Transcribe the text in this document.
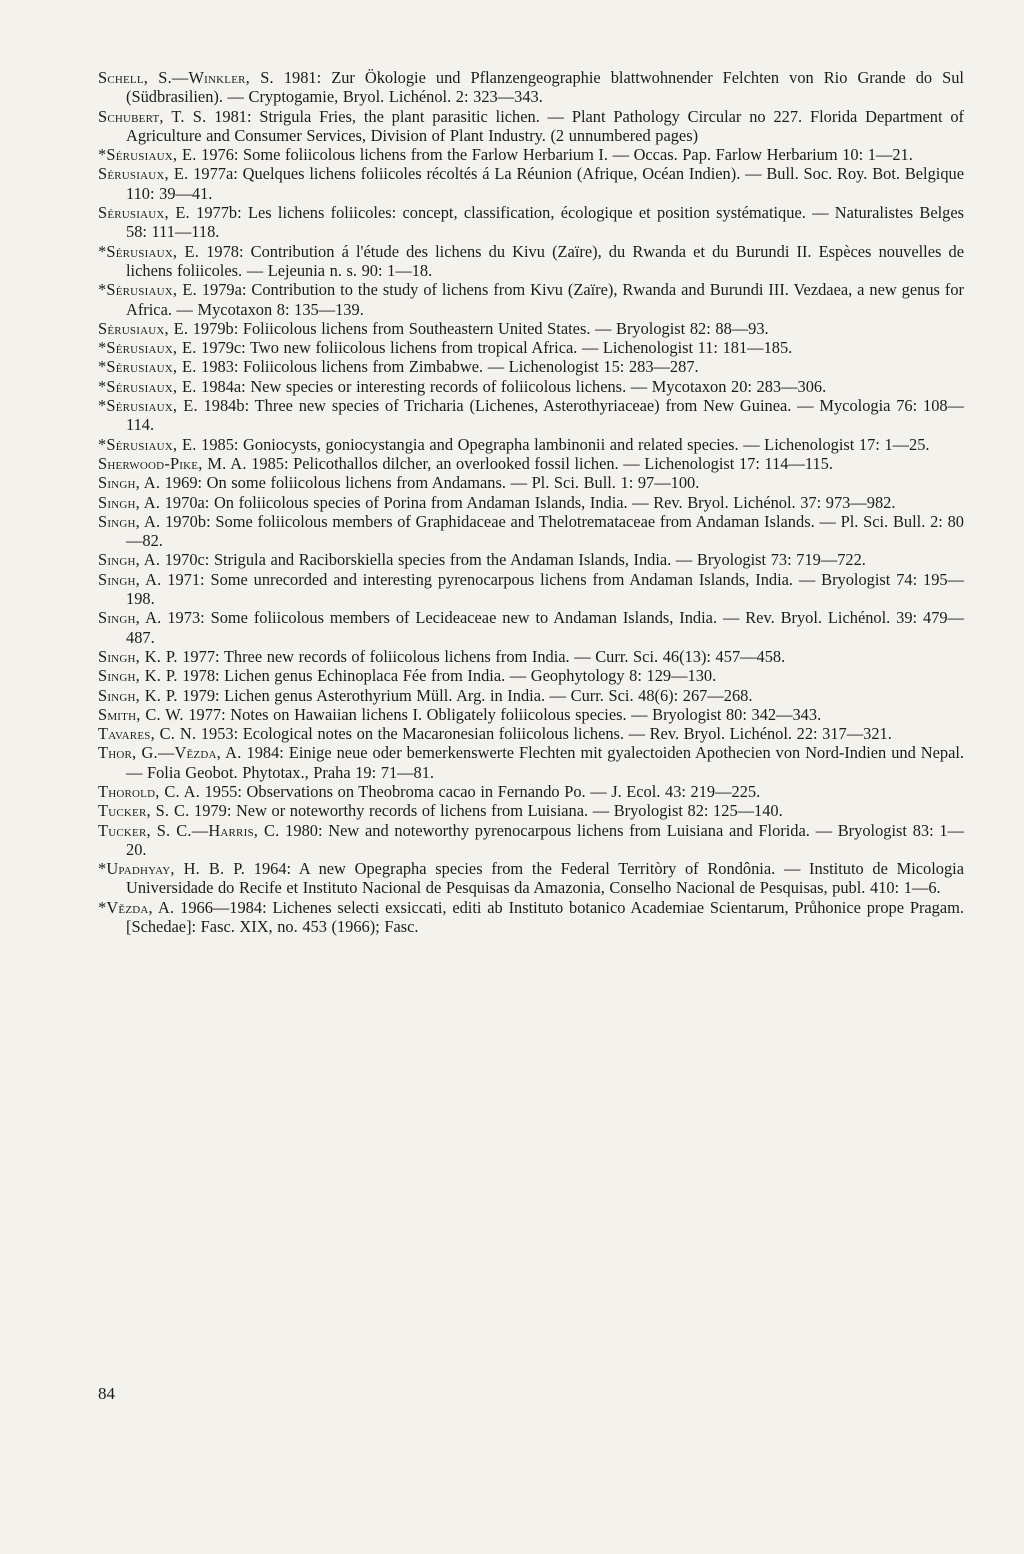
Schell, S.—Winkler, S. 1981: Zur Ökologie und Pflanzengeographie blattwohnender Felchten von Rio Grande do Sul (Südbrasilien). — Cryptogamie, Bryol. Lichénol. 2: 323—343.

Schubert, T. S. 1981: Strigula Fries, the plant parasitic lichen. — Plant Pathology Circular no 227. Florida Department of Agriculture and Consumer Services, Division of Plant Industry. (2 unnumbered pages)

*Sérusiaux, E. 1976: Some foliicolous lichens from the Farlow Herbarium I. — Occas. Pap. Farlow Herbarium 10: 1—21.

Sérusiaux, E. 1977a: Quelques lichens foliicoles récoltés á La Réunion (Afrique, Océan Indien). — Bull. Soc. Roy. Bot. Belgique 110: 39—41.

Sérusiaux, E. 1977b: Les lichens foliicoles: concept, classification, écologique et position systématique. — Naturalistes Belges 58: 111—118.

*Sérusiaux, E. 1978: Contribution á l'étude des lichens du Kivu (Zaïre), du Rwanda et du Burundi II. Espèces nouvelles de lichens foliicoles. — Lejeunia n. s. 90: 1—18.

*Sérusiaux, E. 1979a: Contribution to the study of lichens from Kivu (Zaïre), Rwanda and Burundi III. Vezdaea, a new genus for Africa. — Mycotaxon 8: 135—139.

Sérusiaux, E. 1979b: Foliicolous lichens from Southeastern United States. — Bryologist 82: 88—93.

*Sérusiaux, E. 1979c: Two new foliicolous lichens from tropical Africa. — Lichenologist 11: 181—185.

*Sérusiaux, E. 1983: Foliicolous lichens from Zimbabwe. — Lichenologist 15: 283—287.

*Sérusiaux, E. 1984a: New species or interesting records of foliicolous lichens. — Mycotaxon 20: 283—306.

*Sérusiaux, E. 1984b: Three new species of Tricharia (Lichenes, Asterothyriaceae) from New Guinea. — Mycologia 76: 108—114.

*Sérusiaux, E. 1985: Goniocysts, goniocystangia and Opegrapha lambinonii and related species. — Lichenologist 17: 1—25.

Sherwood-Pike, M. A. 1985: Pelicothallos dilcher, an overlooked fossil lichen. — Lichenologist 17: 114—115.

Singh, A. 1969: On some foliicolous lichens from Andamans. — Pl. Sci. Bull. 1: 97—100.

Singh, A. 1970a: On foliicolous species of Porina from Andaman Islands, India. — Rev. Bryol. Lichénol. 37: 973—982.

Singh, A. 1970b: Some foliicolous members of Graphidaceae and Thelotremataceae from Andaman Islands. — Pl. Sci. Bull. 2: 80—82.

Singh, A. 1970c: Strigula and Raciborskiella species from the Andaman Islands, India. — Bryologist 73: 719—722.

Singh, A. 1971: Some unrecorded and interesting pyrenocarpous lichens from Andaman Islands, India. — Bryologist 74: 195—198.

Singh, A. 1973: Some foliicolous members of Lecideaceae new to Andaman Islands, India. — Rev. Bryol. Lichénol. 39: 479—487.

Singh, K. P. 1977: Three new records of foliicolous lichens from India. — Curr. Sci. 46(13): 457—458.

Singh, K. P. 1978: Lichen genus Echinoplaca Fée from India. — Geophytology 8: 129—130.

Singh, K. P. 1979: Lichen genus Asterothyrium Müll. Arg. in India. — Curr. Sci. 48(6): 267—268.

Smith, C. W. 1977: Notes on Hawaiian lichens I. Obligately foliicolous species. — Bryologist 80: 342—343.

Tavares, C. N. 1953: Ecological notes on the Macaronesian foliicolous lichens. — Rev. Bryol. Lichénol. 22: 317—321.

Thor, G.—Vězda, A. 1984: Einige neue oder bemerkenswerte Flechten mit gyalectoiden Apothecien von Nord-Indien und Nepal. — Folia Geobot. Phytotax., Praha 19: 71—81.

Thorold, C. A. 1955: Observations on Theobroma cacao in Fernando Po. — J. Ecol. 43: 219—225.

Tucker, S. C. 1979: New or noteworthy records of lichens from Luisiana. — Bryologist 82: 125—140.

Tucker, S. C.—Harris, C. 1980: New and noteworthy pyrenocarpous lichens from Luisiana and Florida. — Bryologist 83: 1—20.

*Upadhyay, H. B. P. 1964: A new Opegrapha species from the Federal Territòry of Rondônia. — Instituto de Micologia Universidade do Recife et Instituto Nacional de Pesquisas da Amazonia, Conselho Nacional de Pesquisas, publ. 410: 1—6.

*Vězda, A. 1966—1984: Lichenes selecti exsiccati, editi ab Instituto botanico Academiae Scientarum, Průhonice prope Pragam. [Schedae]: Fasc. XIX, no. 453 (1966); Fasc.

84
